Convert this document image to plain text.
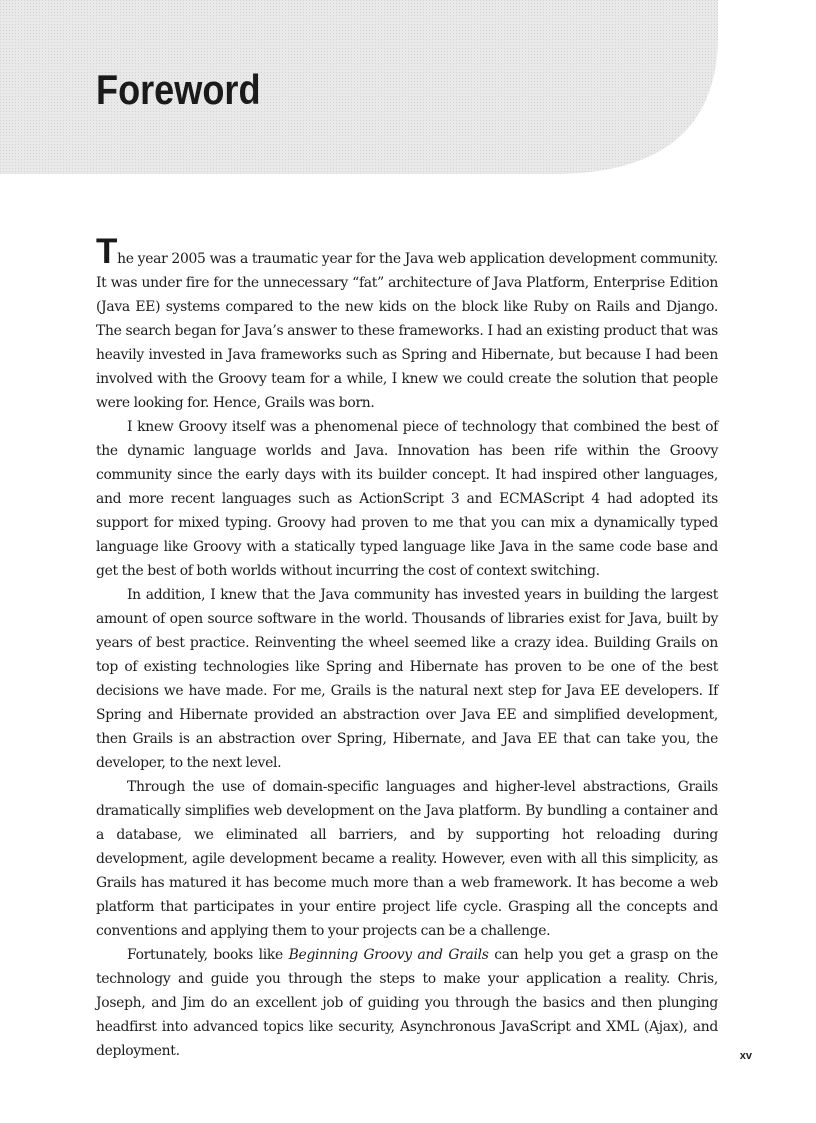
Foreword

The year 2005 was a traumatic year for the Java web application development community. It was under fire for the unnecessary “fat” architecture of Java Platform, Enterprise Edition (Java EE) systems compared to the new kids on the block like Ruby on Rails and Django. The search began for Java’s answer to these frameworks. I had an existing product that was heavily invested in Java frameworks such as Spring and Hibernate, but because I had been involved with the Groovy team for a while, I knew we could create the solution that people were looking for. Hence, Grails was born.

I knew Groovy itself was a phenomenal piece of technology that combined the best of the dynamic language worlds and Java. Innovation has been rife within the Groovy community since the early days with its builder concept. It had inspired other languages, and more recent languages such as ActionScript 3 and ECMAScript 4 had adopted its support for mixed typing. Groovy had proven to me that you can mix a dynamically typed language like Groovy with a statically typed language like Java in the same code base and get the best of both worlds without incurring the cost of context switching.

In addition, I knew that the Java community has invested years in building the largest amount of open source software in the world. Thousands of libraries exist for Java, built by years of best practice. Reinventing the wheel seemed like a crazy idea. Building Grails on top of existing technologies like Spring and Hibernate has proven to be one of the best decisions we have made. For me, Grails is the natural next step for Java EE developers. If Spring and Hibernate provided an abstraction over Java EE and simplified development, then Grails is an abstraction over Spring, Hibernate, and Java EE that can take you, the developer, to the next level.

Through the use of domain-specific languages and higher-level abstractions, Grails dramatically simplifies web development on the Java platform. By bundling a container and a database, we eliminated all barriers, and by supporting hot reloading during development, agile development became a reality. However, even with all this simplicity, as Grails has matured it has become much more than a web framework. It has become a web platform that participates in your entire project life cycle. Grasping all the concepts and conventions and applying them to your projects can be a challenge.

Fortunately, books like Beginning Groovy and Grails can help you get a grasp on the technology and guide you through the steps to make your application a reality. Chris, Joseph, and Jim do an excellent job of guiding you through the basics and then plunging headfirst into advanced topics like security, Asynchronous JavaScript and XML (Ajax), and deployment.	xv
